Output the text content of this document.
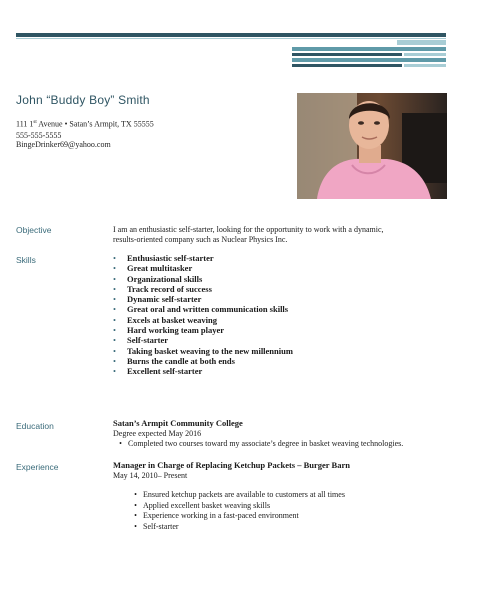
John “Buddy Boy” Smith
111 1st Avenue • Satan’s Armpit, TX 55555
555-555-5555
BingeDrinker69@yahoo.com
Objective	I am an enthusiastic self-starter, looking for the opportunity to work with a dynamic,
results-oriented company such as Nuclear Physics Inc.
Skills	• Enthusiastic self-starter
• Great multitasker
• Organizational skills
• Track record of success
• Dynamic self-starter
• Great oral and written communication skills
• Excels at basket weaving
• Hard working team player
• Self-starter
• Taking basket weaving to the new millennium
• Burns the candle at both ends
• Excellent self-starter
Education	Satan’s Armpit Community College
Degree expected May 2016
• Completed two courses toward my associate’s degree in basket weaving technologies.
Experience	Manager in Charge of Replacing Ketchup Packets – Burger Barn
May 14, 2010– Present
• Ensured ketchup packets are available to customers at all times
• Applied excellent basket weaving skills
• Experience working in a fast-paced environment
• Self-starter
